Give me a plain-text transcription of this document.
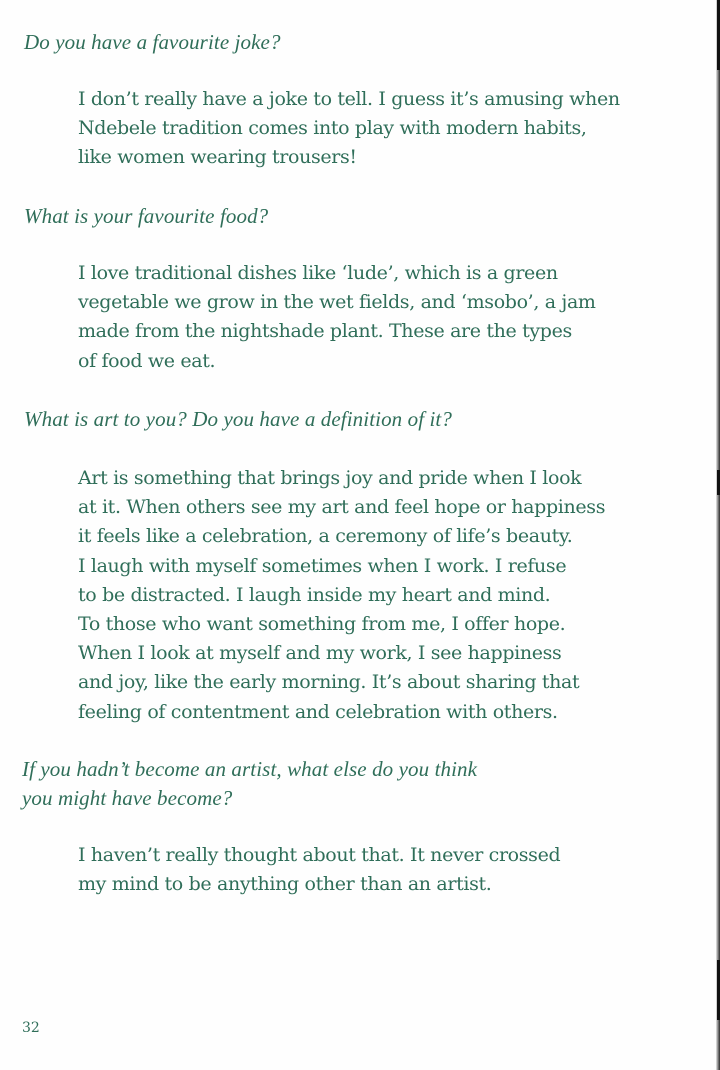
Do you have a favourite joke?

I don’t really have a joke to tell. I guess it’s amusing when
Ndebele tradition comes into play with modern habits,
like women wearing trousers!

What is your favourite food?

I love traditional dishes like ‘lude’, which is a green
vegetable we grow in the wet fields, and ‘msobo’, a jam
made from the nightshade plant. These are the types
of food we eat.

What is art to you? Do you have a definition of it?

Art is something that brings joy and pride when I look
at it. When others see my art and feel hope or happiness
it feels like a celebration, a ceremony of life’s beauty.
I laugh with myself sometimes when I work. I refuse
to be distracted. I laugh inside my heart and mind.
To those who want something from me, I offer hope.
When I look at myself and my work, I see happiness
and joy, like the early morning. It’s about sharing that
feeling of contentment and celebration with others.

If you hadn’t become an artist, what else do you think
you might have become?

I haven’t really thought about that. It never crossed
my mind to be anything other than an artist.

32
